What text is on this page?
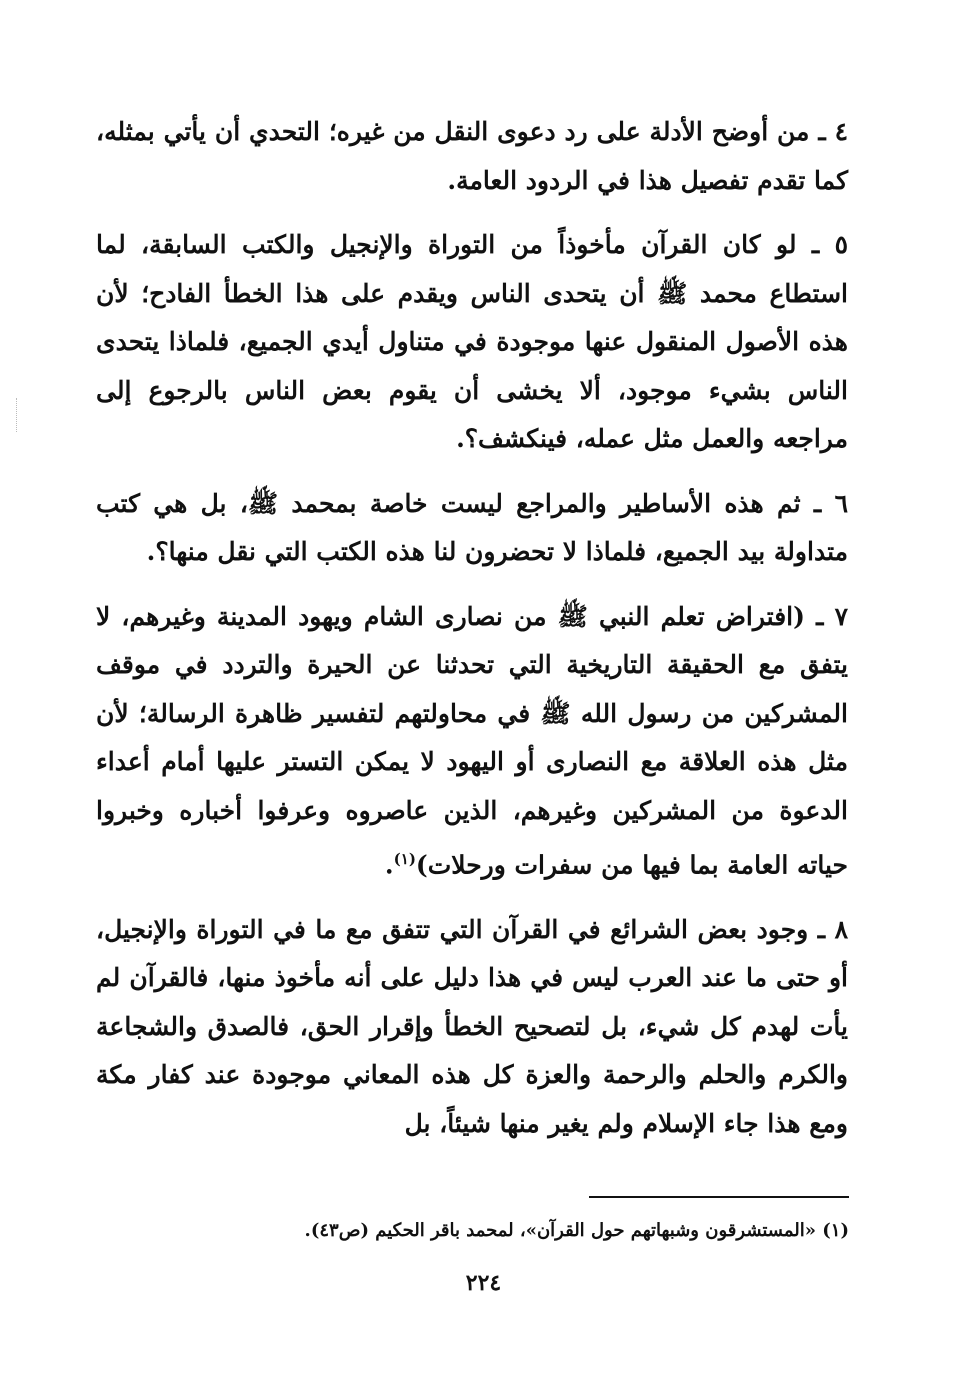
٤ ـ من أوضح الأدلة على رد دعوى النقل من غيره؛ التحدي أن يأتي بمثله، كما تقدم تفصيل هذا في الردود العامة.

٥ ـ لو كان القرآن مأخوذاً من التوراة والإنجيل والكتب السابقة، لما استطاع محمد ﷺ أن يتحدى الناس ويقدم على هذا الخطأ الفادح؛ لأن هذه الأصول المنقول عنها موجودة في متناول أيدي الجميع، فلماذا يتحدى الناس بشيء موجود، ألا يخشى أن يقوم بعض الناس بالرجوع إلى مراجعه والعمل مثل عمله، فينكشف؟.

٦ ـ ثم هذه الأساطير والمراجع ليست خاصة بمحمد ﷺ، بل هي كتب متداولة بيد الجميع، فلماذا لا تحضرون لنا هذه الكتب التي نقل منها؟.

٧ ـ (افتراض تعلم النبي ﷺ من نصارى الشام ويهود المدينة وغيرهم، لا يتفق مع الحقيقة التاريخية التي تحدثنا عن الحيرة والتردد في موقف المشركين من رسول الله ﷺ في محاولتهم لتفسير ظاهرة الرسالة؛ لأن مثل هذه العلاقة مع النصارى أو اليهود لا يمكن التستر عليها أمام أعداء الدعوة من المشركين وغيرهم، الذين عاصروه وعرفوا أخباره وخبروا حياته العامة بما فيها من سفرات ورحلات)$^{(١)}$.

٨ ـ وجود بعض الشرائع في القرآن التي تتفق مع ما في التوراة والإنجيل، أو حتى ما عند العرب ليس في هذا دليل على أنه مأخوذ منها، فالقرآن لم يأت لهدم كل شيء، بل لتصحيح الخطأ وإقرار الحق، فالصدق والشجاعة والكرم والحلم والرحمة والعزة كل هذه المعاني موجودة عند كفار مكة ومع هذا جاء الإسلام ولم يغير منها شيئاً، بل

(١) «المستشرقون وشبهاتهم حول القرآن»، لمحمد باقر الحكيم (ص٤٣).
٢٢٤
